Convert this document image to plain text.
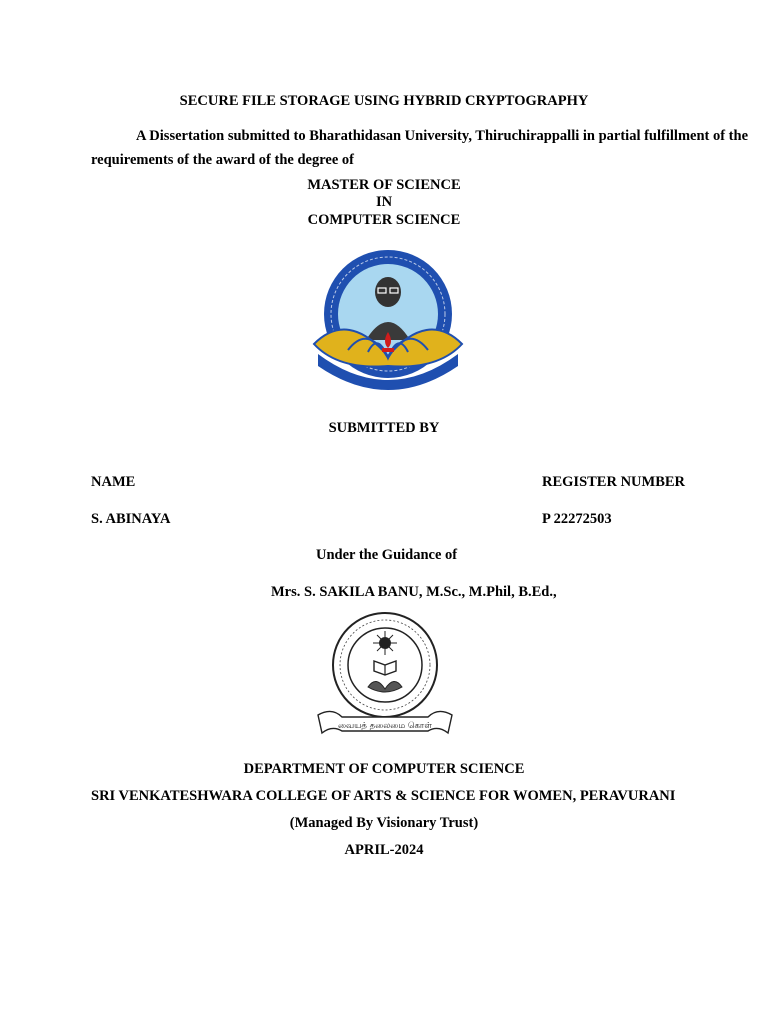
SECURE FILE STORAGE USING HYBRID CRYPTOGRAPHY
A Dissertation submitted to Bharathidasan University, Thiruchirappalli in partial fulfillment of the
requirements of the award of the degree of
MASTER OF SCIENCE
IN
COMPUTER SCIENCE
SUBMITTED BY
NAME	REGISTER NUMBER
S. ABINAYA	P 22272503
Under the Guidance of
Mrs. S. SAKILA BANU, M.Sc., M.Phil, B.Ed.,
வையத் தலைமை கொள்
DEPARTMENT OF COMPUTER SCIENCE
SRI VENKATESHWARA COLLEGE OF ARTS & SCIENCE FOR WOMEN, PERAVURANI
(Managed By Visionary Trust)
APRIL-2024
